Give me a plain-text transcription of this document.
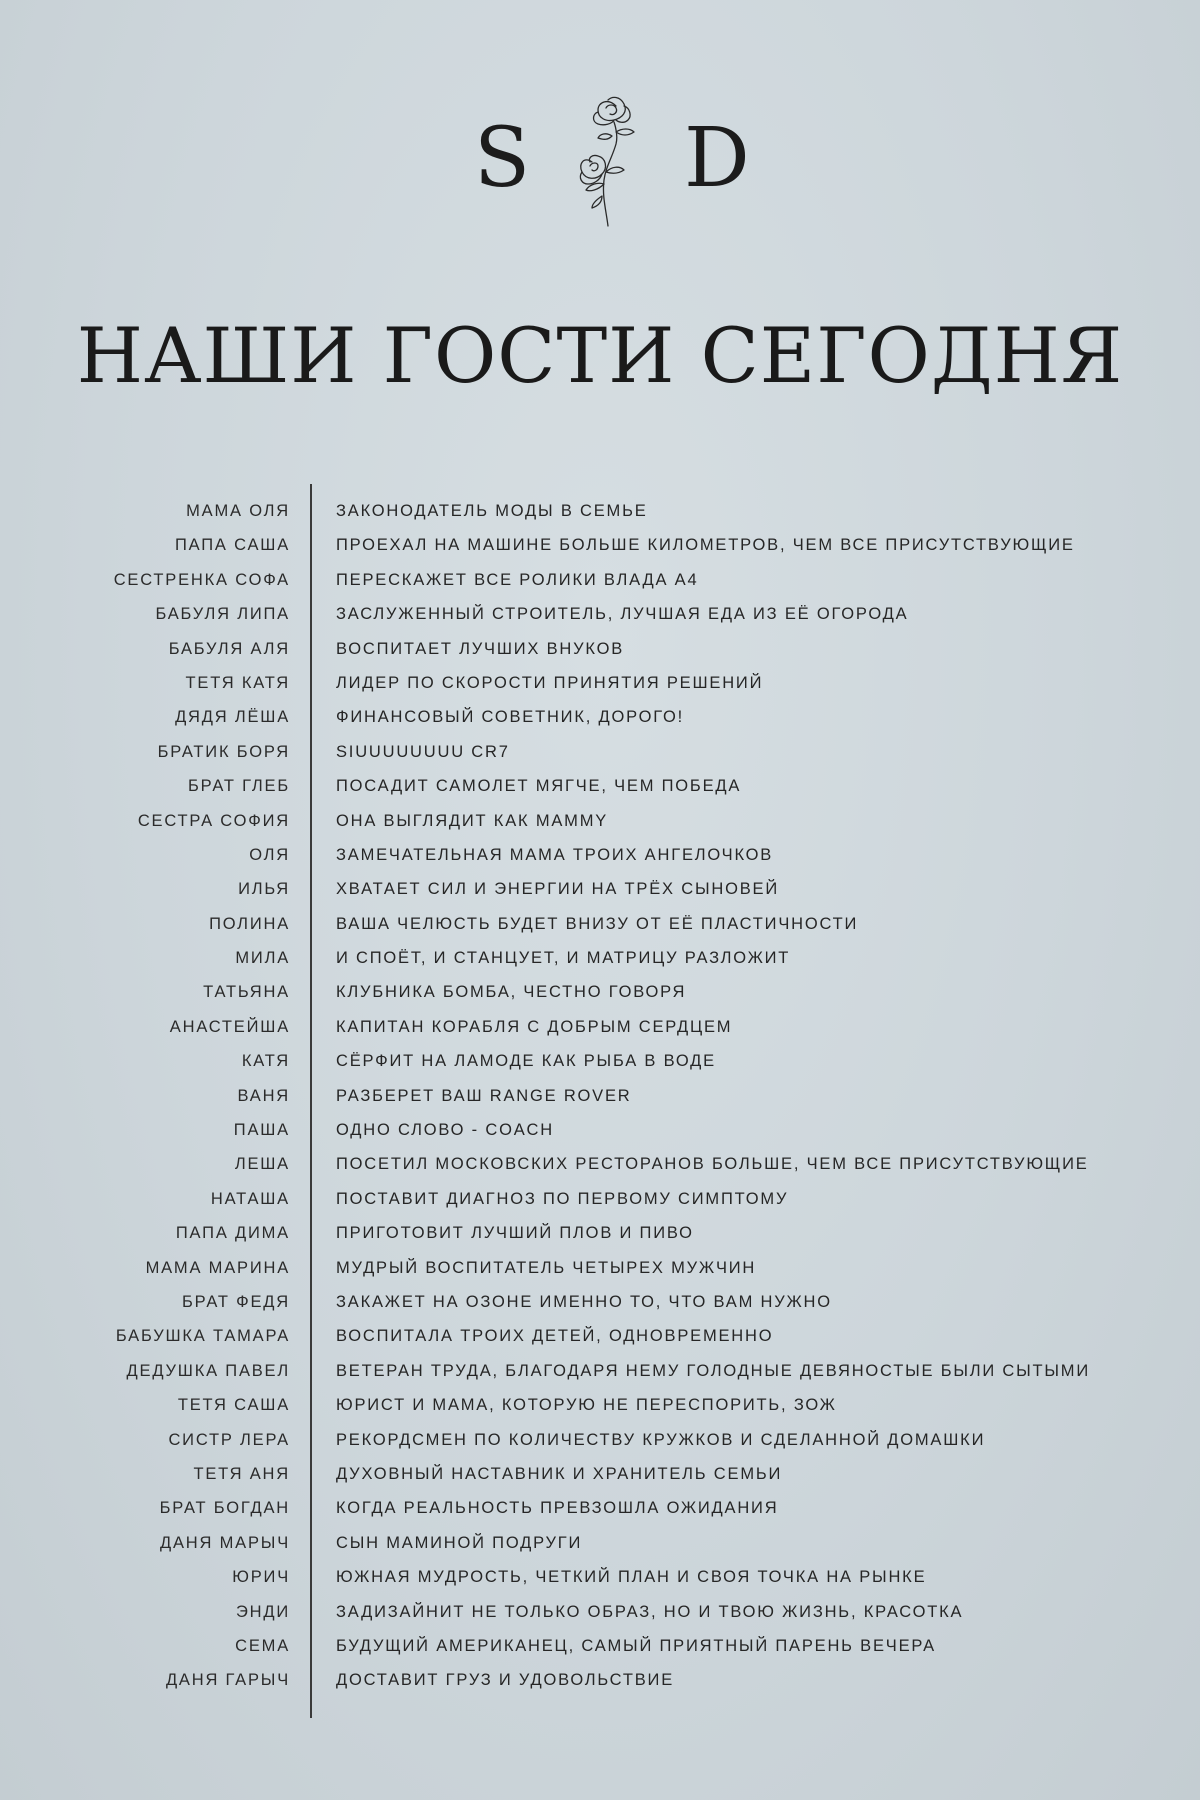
S D
НАШИ ГОСТИ СЕГОДНЯ
МАМА ОЛЯ	ЗАКОНОДАТЕЛЬ МОДЫ В СЕМЬЕ
ПАПА САША	ПРОЕХАЛ НА МАШИНЕ БОЛЬШЕ КИЛОМЕТРОВ, ЧЕМ ВСЕ ПРИСУТСТВУЮЩИЕ
СЕСТРЕНКА СОФА	ПЕРЕСКАЖЕТ ВСЕ РОЛИКИ ВЛАДА А4
БАБУЛЯ ЛИПА	ЗАСЛУЖЕННЫЙ СТРОИТЕЛЬ, ЛУЧШАЯ ЕДА ИЗ ЕЁ ОГОРОДА
БАБУЛЯ АЛЯ	ВОСПИТАЕТ ЛУЧШИХ ВНУКОВ
ТЕТЯ КАТЯ	ЛИДЕР ПО СКОРОСТИ ПРИНЯТИЯ РЕШЕНИЙ
ДЯДЯ ЛЁША	ФИНАНСОВЫЙ СОВЕТНИК, ДОРОГО!
БРАТИК БОРЯ	SIUUUUUUUU CR7
БРАТ ГЛЕБ	ПОСАДИТ САМОЛЕТ МЯГЧЕ, ЧЕМ ПОБЕДА
СЕСТРА СОФИЯ	ОНА ВЫГЛЯДИТ КАК MAMMY
ОЛЯ	ЗАМЕЧАТЕЛЬНАЯ МАМА ТРОИХ АНГЕЛОЧКОВ
ИЛЬЯ	ХВАТАЕТ СИЛ И ЭНЕРГИИ НА ТРЁХ СЫНОВЕЙ
ПОЛИНА	ВАША ЧЕЛЮСТЬ БУДЕТ ВНИЗУ ОТ ЕЁ ПЛАСТИЧНОСТИ
МИЛА	И СПОЁТ, И СТАНЦУЕТ, И МАТРИЦУ РАЗЛОЖИТ
ТАТЬЯНА	КЛУБНИКА БОМБА, ЧЕСТНО ГОВОРЯ
АНАСТЕЙША	КАПИТАН КОРАБЛЯ С ДОБРЫМ СЕРДЦЕМ
КАТЯ	СЁРФИТ НА ЛАМОДЕ КАК РЫБА В ВОДЕ
ВАНЯ	РАЗБЕРЕТ ВАШ RANGE ROVER
ПАША	ОДНО СЛОВО - COACH
ЛЕША	ПОСЕТИЛ МОСКОВСКИХ РЕСТОРАНОВ БОЛЬШЕ, ЧЕМ ВСЕ ПРИСУТСТВУЮЩИЕ
НАТАША	ПОСТАВИТ ДИАГНОЗ ПО ПЕРВОМУ СИМПТОМУ
ПАПА ДИМА	ПРИГОТОВИТ ЛУЧШИЙ ПЛОВ И ПИВО
МАМА МАРИНА	МУДРЫЙ ВОСПИТАТЕЛЬ ЧЕТЫРЕХ МУЖЧИН
БРАТ ФЕДЯ	ЗАКАЖЕТ НА ОЗОНЕ ИМЕННО ТО, ЧТО ВАМ НУЖНО
БАБУШКА ТАМАРА	ВОСПИТАЛА ТРОИХ ДЕТЕЙ, ОДНОВРЕМЕННО
ДЕДУШКА ПАВЕЛ	ВЕТЕРАН ТРУДА, БЛАГОДАРЯ НЕМУ ГОЛОДНЫЕ ДЕВЯНОСТЫЕ БЫЛИ СЫТЫМИ
ТЕТЯ САША	ЮРИСТ И МАМА, КОТОРУЮ НЕ ПЕРЕСПОРИТЬ, ЗОЖ
СИСТР ЛЕРА	РЕКОРДСМЕН ПО КОЛИЧЕСТВУ КРУЖКОВ И СДЕЛАННОЙ ДОМАШКИ
ТЕТЯ АНЯ	ДУХОВНЫЙ НАСТАВНИК И ХРАНИТЕЛЬ СЕМЬИ
БРАТ БОГДАН	КОГДА РЕАЛЬНОСТЬ ПРЕВЗОШЛА ОЖИДАНИЯ
ДАНЯ МАРЫЧ	СЫН МАМИНОЙ ПОДРУГИ
ЮРИЧ	ЮЖНАЯ МУДРОСТЬ, ЧЕТКИЙ ПЛАН И СВОЯ ТОЧКА НА РЫНКЕ
ЭНДИ	ЗАДИЗАЙНИТ НЕ ТОЛЬКО ОБРАЗ, НО И ТВОЮ ЖИЗНЬ, КРАСОТКА
СЕМА	БУДУЩИЙ АМЕРИКАНЕЦ, САМЫЙ ПРИЯТНЫЙ ПАРЕНЬ ВЕЧЕРА
ДАНЯ ГАРЫЧ	ДОСТАВИТ ГРУЗ И УДОВОЛЬСТВИЕ
